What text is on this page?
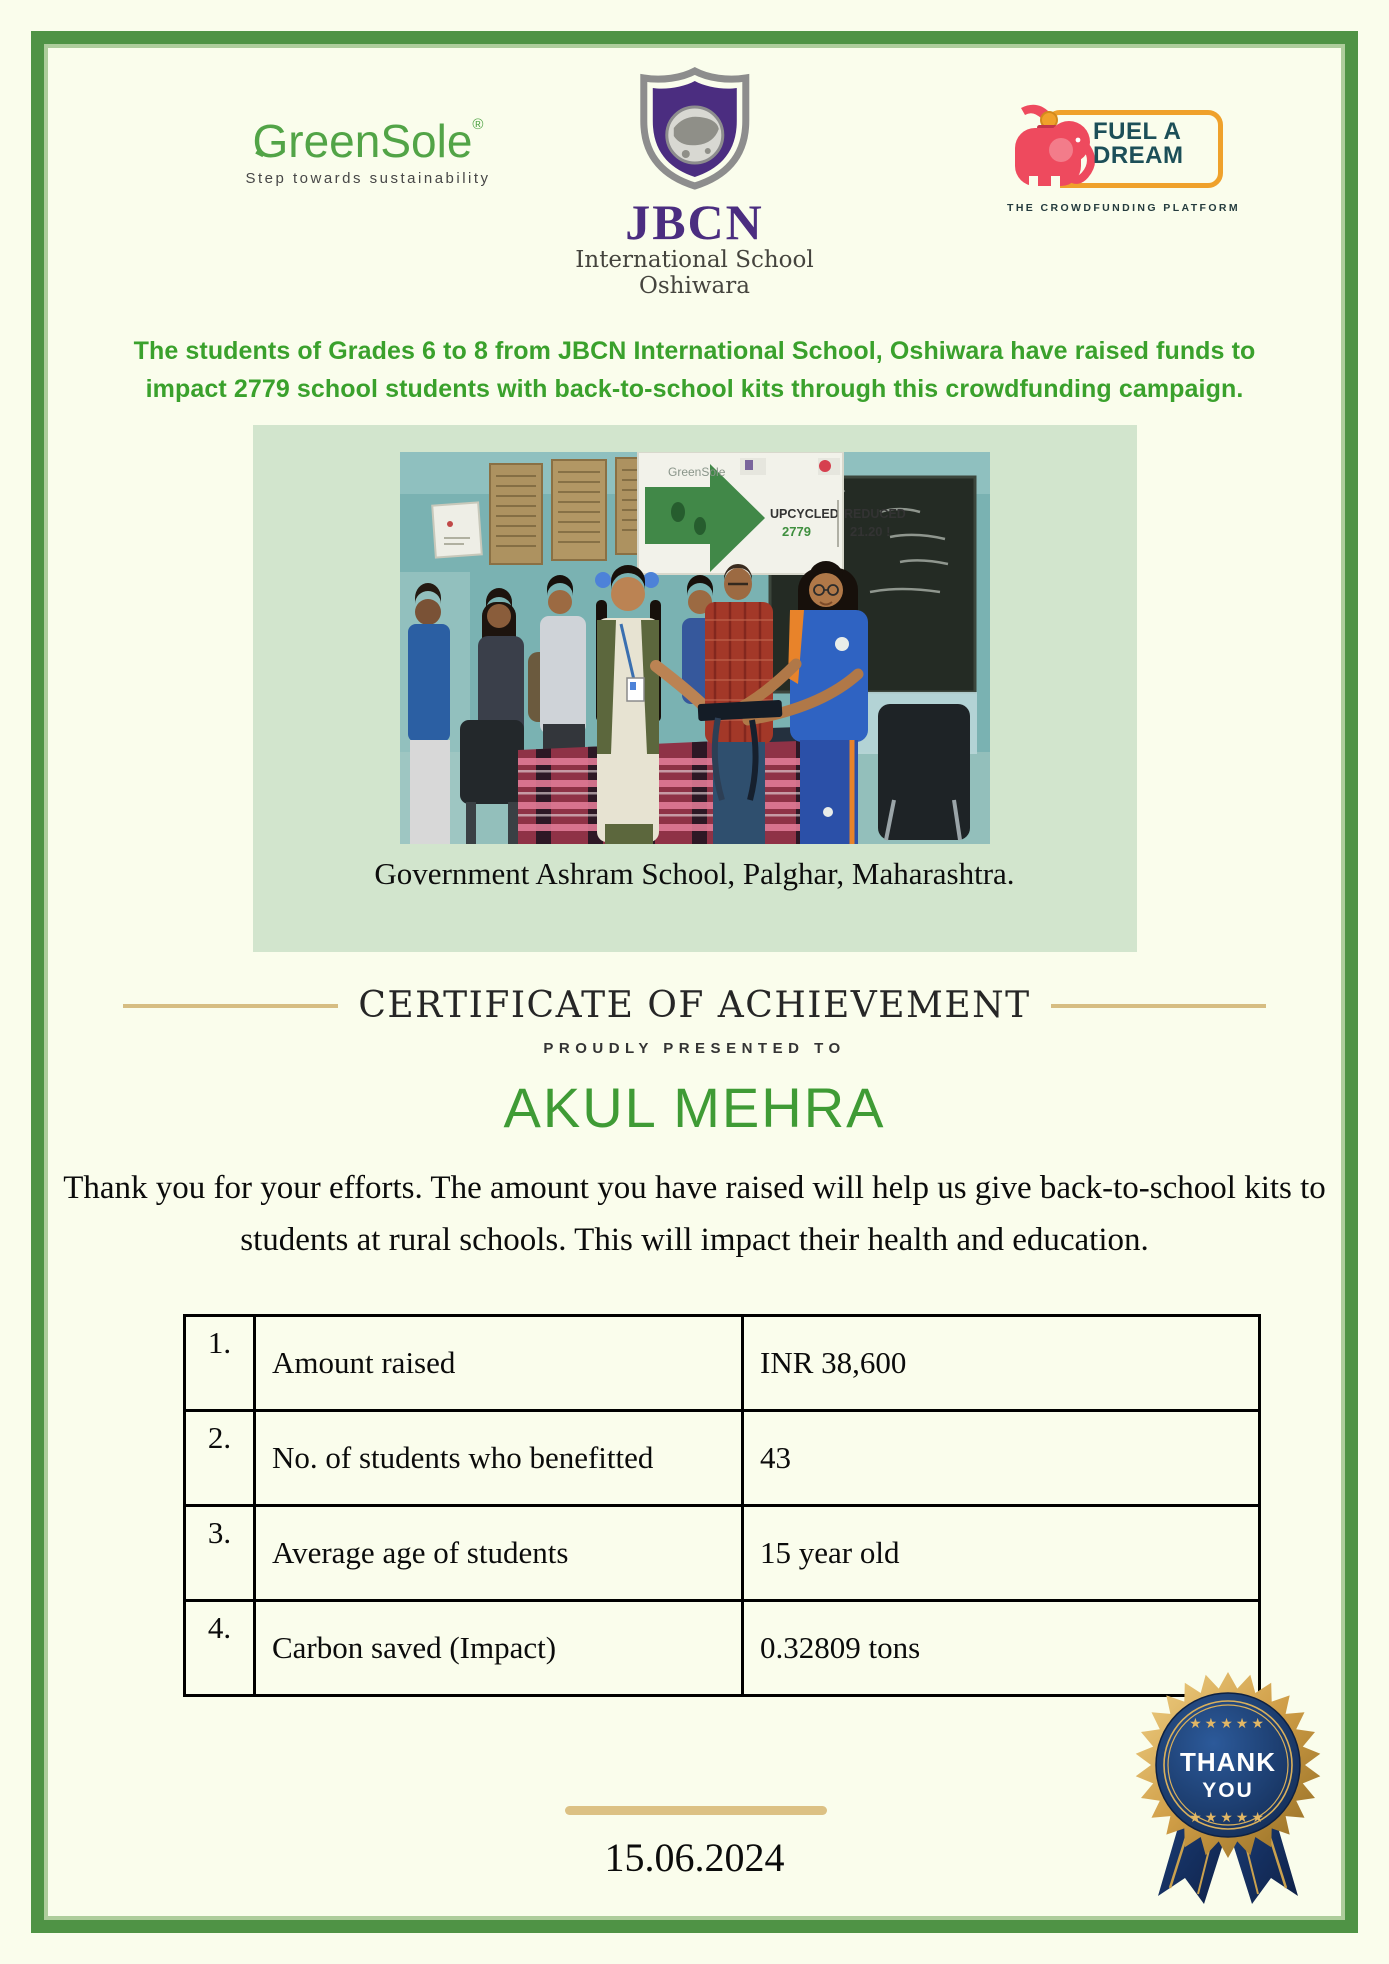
GreenSole®
Step towards sustainability
JBCN
International School
Oshiwara
FUEL A
DREAM
THE CROWDFUNDING PLATFORM
The students of Grades 6 to 8 from JBCN International School, Oshiwara have raised funds to impact 2779 school students with back-to-school kits through this crowdfunding campaign.
GreenSole
UPCYCLED
2779
REDUCED
21.20 !
Government Ashram School, Palghar, Maharashtra.
CERTIFICATE OF ACHIEVEMENT
PROUDLY PRESENTED TO
AKUL MEHRA
Thank you for your efforts. The amount you have raised will help us give back-to-school kits to students at rural schools. This will impact their health and education.
1.	Amount raised	INR 38,600
2.	No. of students who benefitted	43
3.	Average age of students	15 year old
4.	Carbon saved (Impact)	0.32809 tons
15.06.2024
★★★★★
THANK
YOU
★★★★★
